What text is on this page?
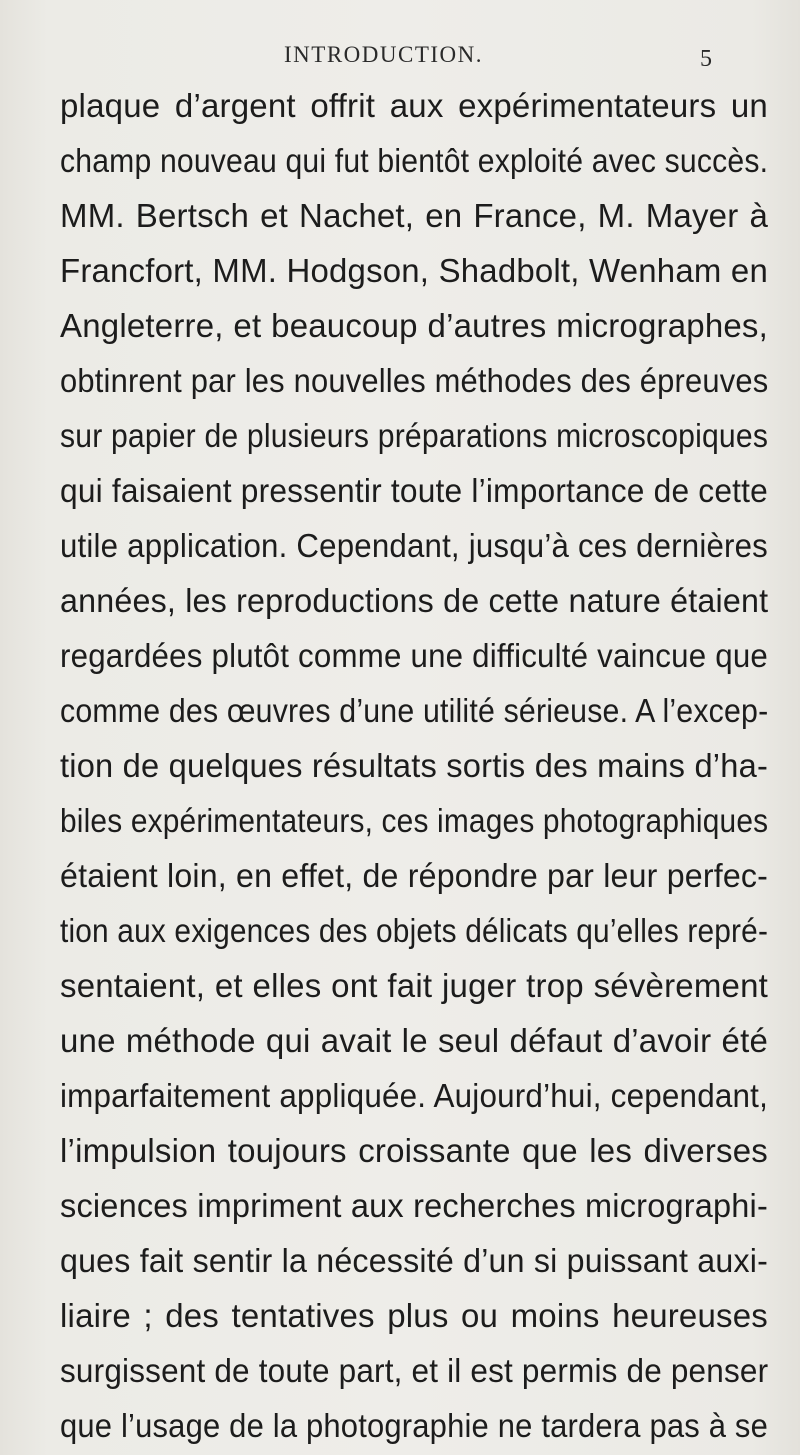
INTRODUCTION.	5
plaque d’argent offrit aux expérimentateurs un
champ nouveau qui fut bientôt exploité avec succès.
MM. Bertsch et Nachet, en France, M. Mayer à
Francfort, MM. Hodgson, Shadbolt, Wenham en
Angleterre, et beaucoup d’autres micrographes,
obtinrent par les nouvelles méthodes des épreuves
sur papier de plusieurs préparations microscopiques
qui faisaient pressentir toute l’importance de cette
utile application. Cependant, jusqu’à ces dernières
années, les reproductions de cette nature étaient
regardées plutôt comme une difficulté vaincue que
comme des œuvres d’une utilité sérieuse. A l’excep-
tion de quelques résultats sortis des mains d’ha-
biles expérimentateurs, ces images photographiques
étaient loin, en effet, de répondre par leur perfec-
tion aux exigences des objets délicats qu’elles repré-
sentaient, et elles ont fait juger trop sévèrement
une méthode qui avait le seul défaut d’avoir été
imparfaitement appliquée. Aujourd’hui, cependant,
l’impulsion toujours croissante que les diverses
sciences impriment aux recherches micrographi-
ques fait sentir la nécessité d’un si puissant auxi-
liaire ; des tentatives plus ou moins heureuses
surgissent de toute part, et il est permis de penser
que l’usage de la photographie ne tardera pas à se
